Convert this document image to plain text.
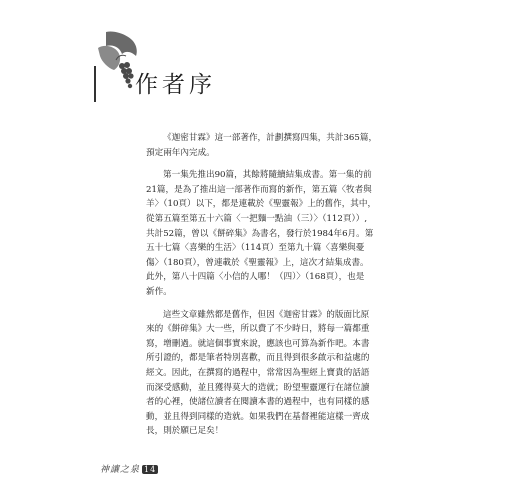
作者序

《迦密甘霖》這一部著作，計劃撰寫四集，共計365篇，
預定兩年內完成。

第一集先推出90篇，其餘將隨續結集成書。第一集的前
21篇，是為了推出這一部著作而寫的新作，第五篇〈牧者與
羊〉（10頁）以下，都是連載於《聖靈報》上的舊作，其中，
從第五篇至第五十六篇〈一把麵一點油（三）〉（112頁））,
共計52篇，曾以《餅碎集》為書名，發行於1984年6月。第
五十七篇〈喜樂的生活〉（114頁）至第九十篇〈喜樂與憂
傷〉（180頁），曾連載於《聖靈報》上，這次才結集成書。
此外，第八十四篇〈小信的人哪！（四）〉（168頁），也是
新作。

這些文章雖然都是舊作，但因《迦密甘霖》的版面比原
來的《餅碎集》大一些，所以費了不少時日，將每一篇都重
寫，增刪過。就這個事實來說，應該也可算為新作吧。本書
所引證的，都是筆者特別喜歡，而且得到很多啟示和益處的
經文。因此，在撰寫的過程中，常常因為聖經上寶貴的話語
而深受感動，並且獲得莫大的造就；盼望聖靈運行在諸位讀
者的心裡，使諸位讀者在閱讀本書的過程中，也有同樣的感
動，並且得到同樣的造就。如果我們在基督裡能這樣一齊成
長，則於願已足矣！

神讓之泉 14
